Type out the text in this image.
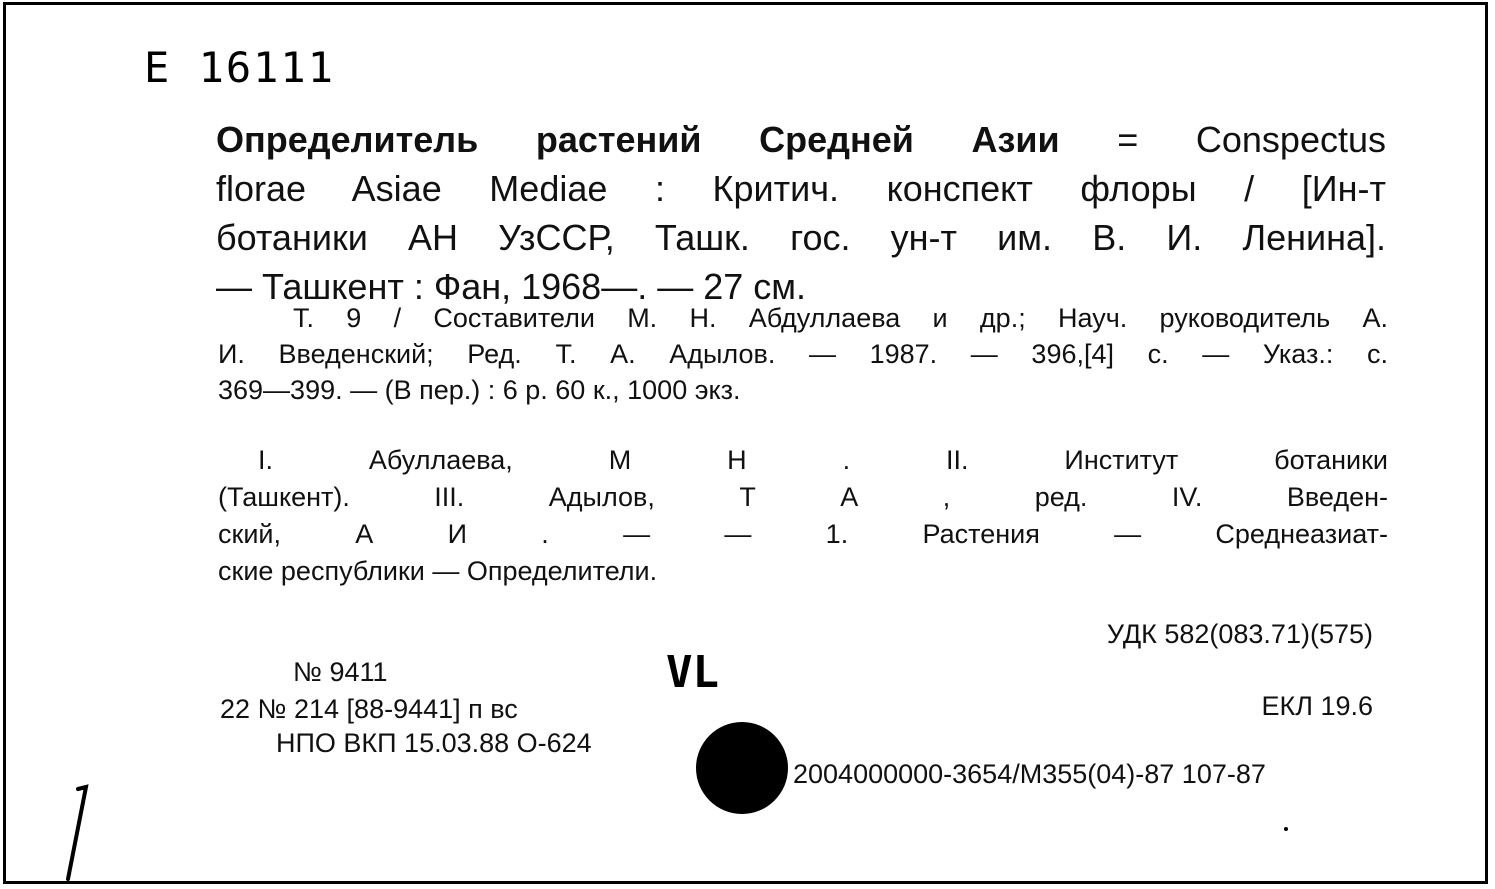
E 16111
Определитель растений Сpедней Азии = Conspectus
florae Asiae Mediae : Критич. конспект флоры / [Ин-т
ботаники АН УзССР, Ташк. гос. ун-т им. В. И. Ленина].
— Ташкент : Фан, 1968—. — 27 см.
Т. 9 / Составители М. Н. Абдуллаева и др.; Науч. руководитель А.
И. Введенский; Ред. Т. А. Адылов. — 1987. — 396,[4] с. — Указ.: с.
369—399. — (В пер.) : 6 р. 60 к., 1000 экз.
I. Абуллаева, М Н . II. Институт ботаники
(Ташкент). III. Адылов, Т А , ред. IV. Введен-
ский, А И . — — 1. Растения — Среднеазиат-
ские республики — Определители.
УДК 582(083.71)(575)
ЕКЛ 19.6
№ 9411
22 № 214 [88-9441] п вс
НПО ВКП 15.03.88 О-624
VL
2004000000-3654/M355(04)-87 107-87
